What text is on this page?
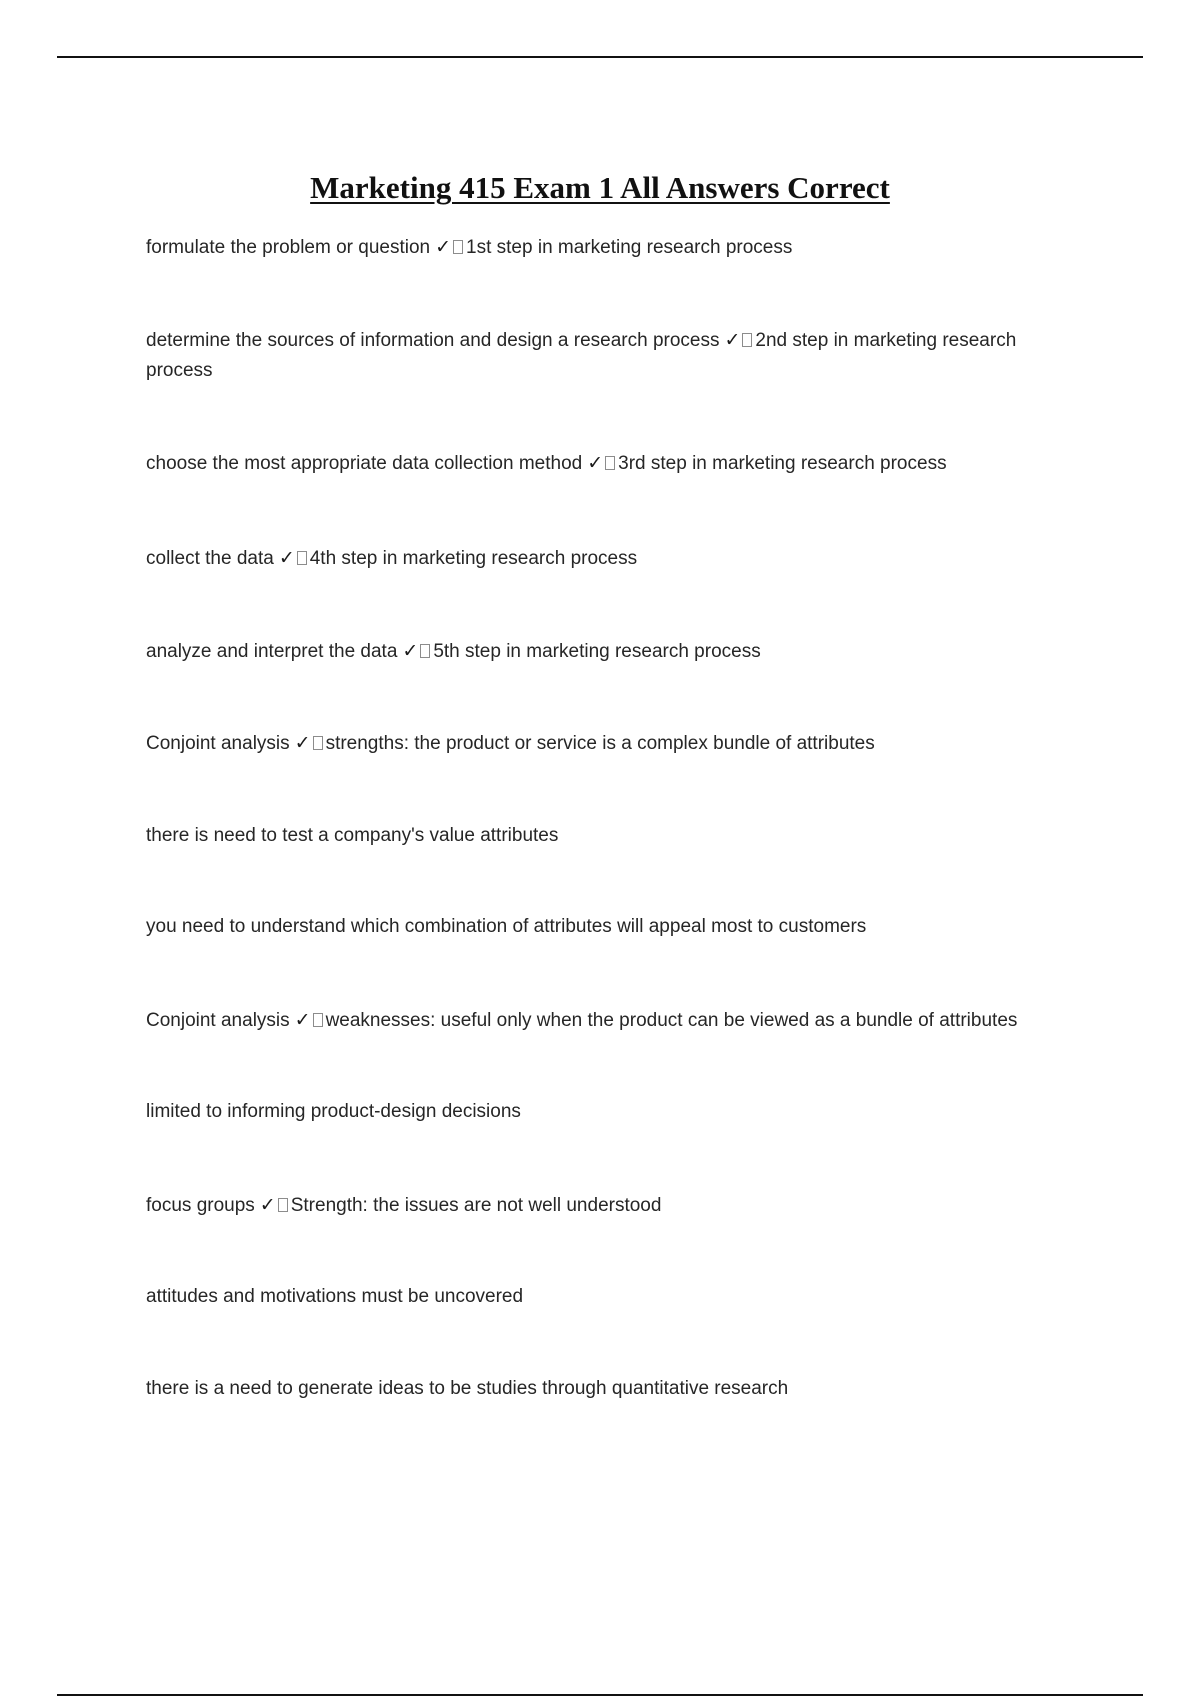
Marketing 415 Exam 1 All Answers Correct
formulate the problem or question ✓ 1st step in marketing research process
determine the sources of information and design a research process ✓ 2nd step in marketing research process
choose the most appropriate data collection method ✓ 3rd step in marketing research process
collect the data ✓ 4th step in marketing research process
analyze and interpret the data ✓ 5th step in marketing research process
Conjoint analysis ✓ strengths: the product or service is a complex bundle of attributes
there is need to test a company's value attributes
you need to understand which combination of attributes will appeal most to customers
Conjoint analysis ✓ weaknesses: useful only when the product can be viewed as a bundle of attributes
limited to informing product-design decisions
focus groups ✓ Strength: the issues are not well understood
attitudes and motivations must be uncovered
there is a need to generate ideas to be studies through quantitative research
